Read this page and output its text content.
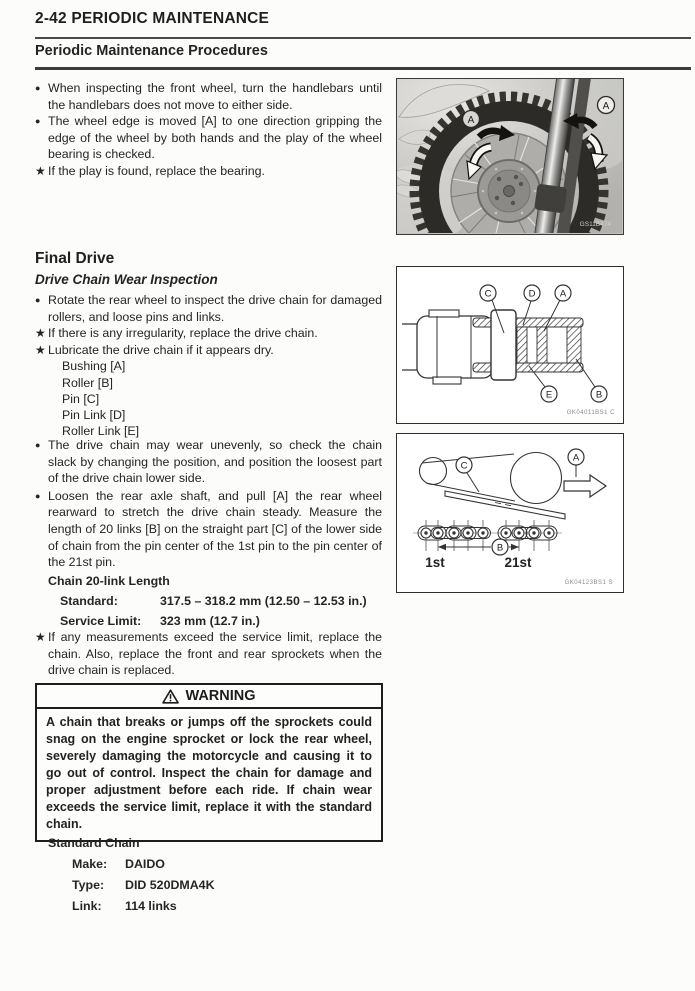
2-42 PERIODIC MAINTENANCE
Periodic Maintenance Procedures
● When inspecting the front wheel, turn the handlebars until the handlebars does not move to either side.
● The wheel edge is moved [A] to one direction gripping the edge of the wheel by both hands and the play of the wheel bearing is checked.
★ If the play is found, replace the bearing.
A
A
GS11B474
Final Drive
Drive Chain Wear Inspection
● Rotate the rear wheel to inspect the drive chain for damaged rollers, and loose pins and links.
★ If there is any irregularity, replace the drive chain.
★ Lubricate the drive chain if it appears dry.
Bushing [A]
Roller [B]
Pin [C]
Pin Link [D]
Roller Link [E]
C	D	A
E	B
GK04011BS1 C
● The drive chain may wear unevenly, so check the chain slack by changing the position, and position the loosest part of the drive chain lower side.
● Loosen the rear axle shaft, and pull [A] the rear wheel rearward to stretch the drive chain steady. Measure the length of 20 links [B] on the straight part [C] of the lower side of chain from the pin center of the 1st pin to the pin center of the 21st pin.
C
A
B
1st	21st
GK04123BS1 S
Chain 20-link Length
Standard:	317.5 – 318.2 mm (12.50 – 12.53 in.)
Service Limit:	323 mm (12.7 in.)
★ If any measurements exceed the service limit, replace the chain. Also, replace the front and rear sprockets when the drive chain is replaced.
WARNING
A chain that breaks or jumps off the sprockets could snag on the engine sprocket or lock the rear wheel, severely damaging the motorcycle and causing it to go out of control. Inspect the chain for damage and proper adjustment before each ride. If chain wear exceeds the service limit, replace it with the standard chain.
Standard Chain
Make:	DAIDO
Type:	DID 520DMA4K
Link:	114 links
